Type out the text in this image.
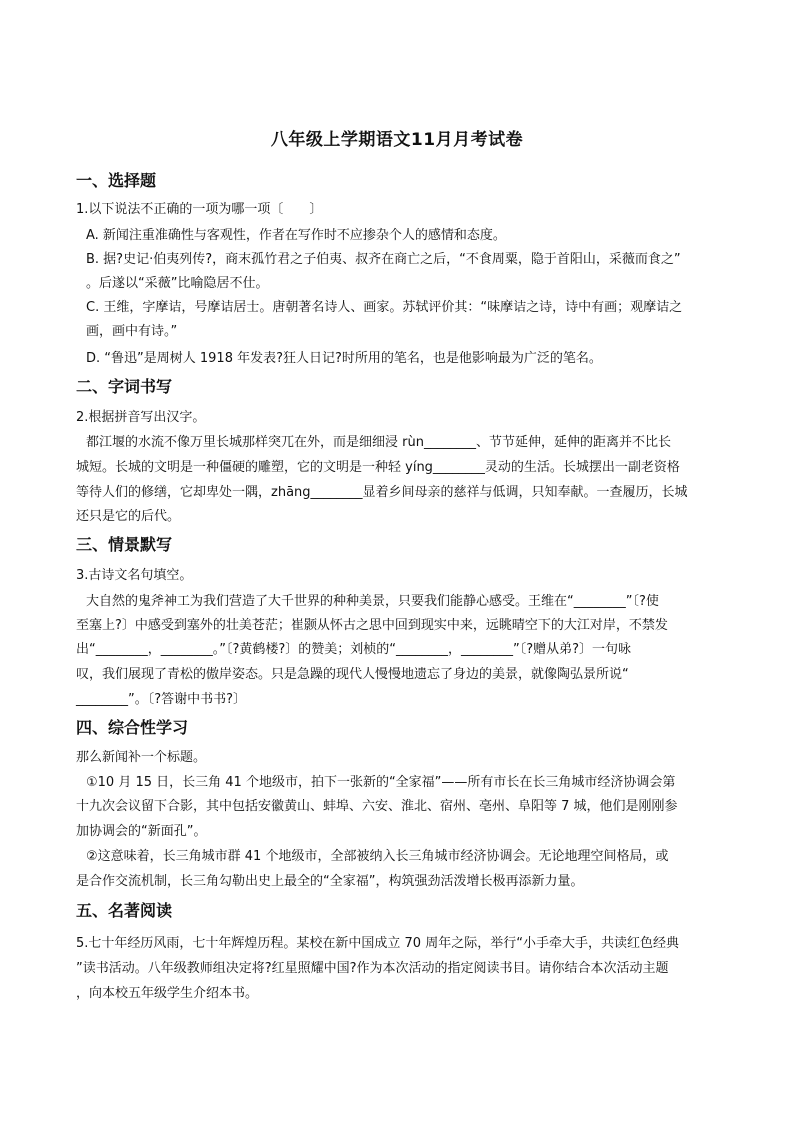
八年级上学期语文11月月考试卷
一、选择题
1.以下说法不正确的一项为哪一项〔　　〕
A. 新闻注重准确性与客观性，作者在写作时不应掺杂个人的感情和态度。
B. 据?史记·伯夷列传?，商末孤竹君之子伯夷、叔齐在商亡之后，“不食周粟，隐于首阳山，采薇而食之”
。后遂以“采薇”比喻隐居不仕。
C. 王维，字摩诘，号摩诘居士。唐朝著名诗人、画家。苏轼评价其：“味摩诘之诗，诗中有画；观摩诘之
画，画中有诗。”
D. “鲁迅”是周树人 1918 年发表?狂人日记?时所用的笔名，也是他影响最为广泛的笔名。
二、字词书写
2.根据拼音写出汉字。
都江堰的水流不像万里长城那样突兀在外，而是细细浸 rùn________、节节延伸，延伸的距离并不比长
城短。长城的文明是一种僵硬的雕塑，它的文明是一种轻 yíng________灵动的生活。长城摆出一副老资格
等待人们的修缮，它却卑处一隅，zhāng________显着乡间母亲的慈祥与低调，只知奉献。一查履历，长城
还只是它的后代。
三、情景默写
3.古诗文名句填空。
大自然的鬼斧神工为我们营造了大千世界的种种美景，只要我们能静心感受。王维在“________”〔?使
至塞上?〕中感受到塞外的壮美苍茫；崔颢从怀古之思中回到现实中来，远眺晴空下的大江对岸，不禁发
出“________，________。”〔?黄鹤楼?〕的赞美；刘桢的“________，________”〔?赠从弟?〕一句咏
叹，我们展现了青松的傲岸姿态。只是急躁的现代人慢慢地遗忘了身边的美景，就像陶弘景所说“
________”。〔?答谢中书书?〕
四、综合性学习
那么新闻补一个标题。
①10 月 15 日，长三角 41 个地级市，拍下一张新的“全家福”——所有市长在长三角城市经济协调会第
十九次会议留下合影，其中包括安徽黄山、蚌埠、六安、淮北、宿州、亳州、阜阳等 7 城，他们是刚刚参
加协调会的“新面孔”。
②这意味着，长三角城市群 41 个地级市，全部被纳入长三角城市经济协调会。无论地理空间格局，或
是合作交流机制，长三角勾勒出史上最全的“全家福”，构筑强劲活泼增长极再添新力量。
五、名著阅读
5.七十年经历风雨，七十年辉煌历程。某校在新中国成立 70 周年之际，举行“小手牵大手，共读红色经典
”读书活动。八年级教师组决定将?红星照耀中国?作为本次活动的指定阅读书目。请你结合本次活动主题
，向本校五年级学生介绍本书。
